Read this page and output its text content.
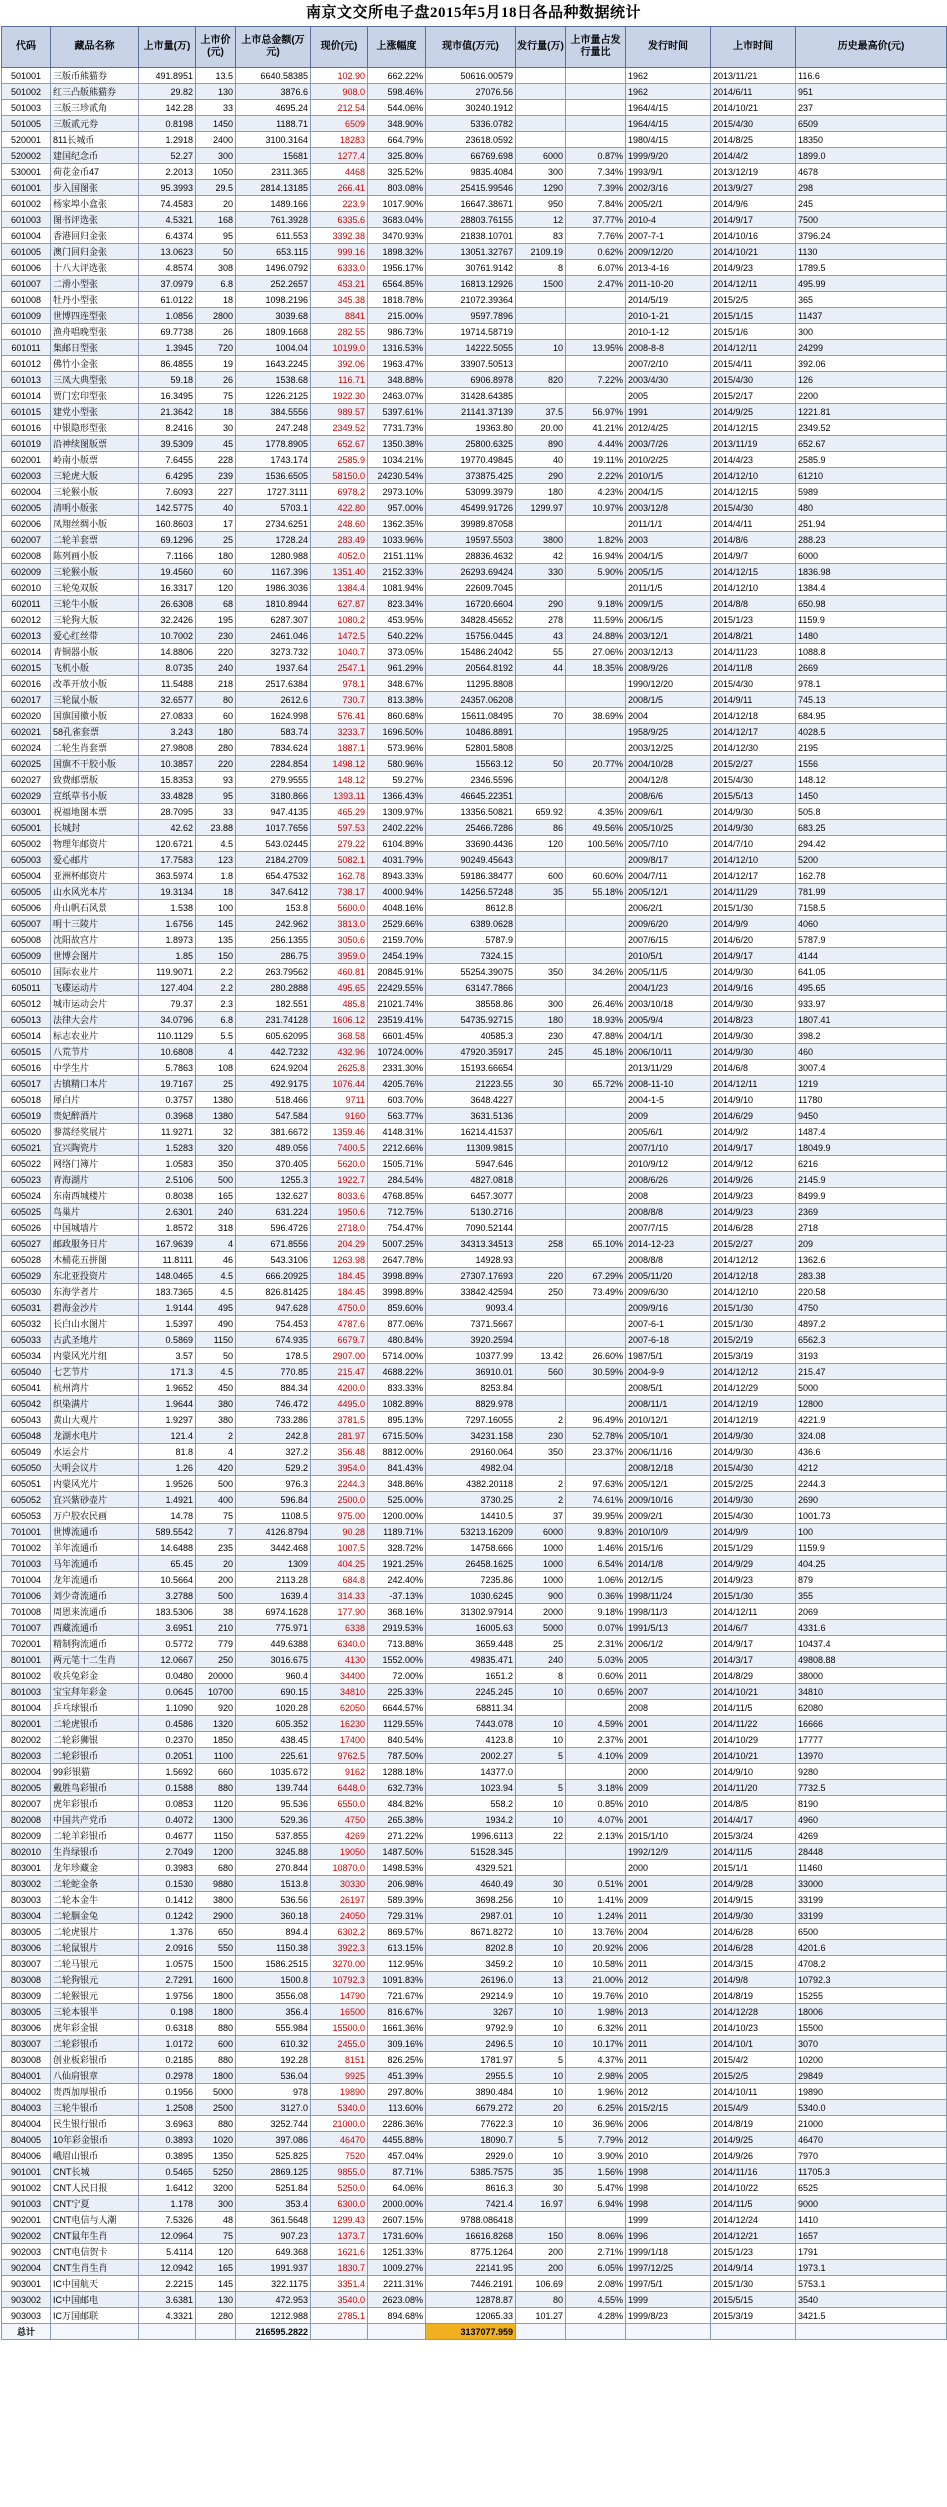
南京文交所电子盘2015年5月18日各品种数据统计
代码	藏品名称	上市量(万)	上市价(元)	上市总金额(万元)	现价(元)	上涨幅度	现市值(万元)	发行量(万)	上市量占发行量比	发行时间	上市时间	历史最高价(元)
501001	三版币熊猫券	491.8951	13.5	6640.58385	102.90	662.22%	50616.00579			1962	2013/11/21	116.6
501002	红三凸版熊猫券	29.82	130	3876.6	908.0	598.46%	27076.56			1962	2014/6/11	951
501003	三版三珍贰角	142.28	33	4695.24	212.54	544.06%	30240.1912			1964/4/15	2014/10/21	237
501005	三版贰元券	0.8198	1450	1188.71	6509	348.90%	5336.0782			1964/4/15	2015/4/30	6509
520001	811长城币	1.2918	2400	3100.3164	18283	664.79%	23618.0592			1980/4/15	2014/8/25	18350
520002	建国纪念币	52.27	300	15681	1277.4	325.80%	66769.698	6000	0.87%	1999/9/20	2014/4/2	1899.0
530001	荷花金币47	2.2013	1050	2311.365	4468	325.52%	9835.4084	300	7.34%	1993/9/1	2013/12/19	4678
601001	步入国图张	95.3993	29.5	2814.13185	266.41	803.08%	25415.99546	1290	7.39%	2002/3/16	2013/9/27	298
601002	杨家埠小盒张	74.4583	20	1489.166	223.9	1017.90%	16647.38671	950	7.84%	2005/2/1	2014/9/6	245
601003	图书评选张	4.5321	168	761.3928	6335.6	3683.04%	28803.76155	12	37.77%	2010-4	2014/9/17	7500
601004	香港回归金张	6.4374	95	611.553	3392.38	3470.93%	21838.10701	83	7.76%	2007-7-1	2014/10/16	3796.24
601005	澳门回归金张	13.0623	50	653.115	999.16	1898.32%	13051.32767	2109.19	0.62%	2009/12/20	2014/10/21	1130
601006	十八大评选张	4.8574	308	1496.0792	6333.0	1956.17%	30761.9142	8	6.07%	2013-4-16	2014/9/23	1789.5
601007	二滑小型张	37.0979	6.8	252.2657	453.21	6564.85%	16813.12926	1500	2.47%	2011-10-20	2014/12/11	495.99
601008	牡丹小型张	61.0122	18	1098.2196	345.38	1818.78%	21072.39364			2014/5/19	2015/2/5	365
601009	世博四连型张	1.0856	2800	3039.68	8841	215.00%	9597.7896			2010-1-21	2015/1/15	11437
601010	渔舟唱晚型张	69.7738	26	1809.1668	282.55	986.73%	19714.58719			2010-1-12	2015/1/6	300
601011	集邮日型张	1.3945	720	1004.04	10199.0	1316.53%	14222.5055	10	13.95%	2008-8-8	2014/12/11	24299
601012	佛竹小金张	86.4855	19	1643.2245	392.06	1963.47%	33907.50513			2007/2/10	2015/4/11	392.06
601013	三凤大典型张	59.18	26	1538.68	116.71	348.88%	6906.8978	820	7.22%	2003/4/30	2015/4/30	126
601014	贾门宏印型张	16.3495	75	1226.2125	1922.30	2463.07%	31428.64385			2005	2015/2/17	2200
601015	建党小型张	21.3642	18	384.5556	989.57	5397.61%	21141.37139	37.5	56.97%	1991	2014/9/25	1221.81
601016	中银隐形型张	8.2416	30	247.248	2349.52	7731.73%	19363.80	20.00	41.21%	2012/4/25	2014/12/15	2349.52
601019	沿神续图版票	39.5309	45	1778.8905	652.67	1350.38%	25800.6325	890	4.44%	2003/7/26	2013/11/19	652.67
602001	岭南小版票	7.6455	228	1743.174	2585.9	1034.21%	19770.49845	40	19.11%	2010/2/25	2014/4/23	2585.9
602003	三轮虎大版	6.4295	239	1536.6505	58150.0	24230.54%	373875.425	290	2.22%	2010/1/5	2014/12/10	61210
602004	三轮猴小版	7.6093	227	1727.3111	6978.2	2973.10%	53099.3979	180	4.23%	2004/1/5	2014/12/15	5989
602005	清明小版张	142.5775	40	5703.1	422.80	957.00%	45499.91726	1299.97	10.97%	2003/12/8	2015/4/30	480
602006	凤翔丝绸小版	160.8603	17	2734.6251	248.60	1362.35%	39989.87058			2011/1/1	2014/4/11	251.94
602007	二轮羊套票	69.1296	25	1728.24	283.49	1033.96%	19597.5503	3800	1.82%	2003	2014/8/6	288.23
602008	陈列画小版	7.1166	180	1280.988	4052.0	2151.11%	28836.4632	42	16.94%	2004/1/5	2014/9/7	6000
602009	三轮猴小版	19.4560	60	1167.396	1351.40	2152.33%	26293.69424	330	5.90%	2005/1/5	2014/12/15	1836.98
602010	三轮兔双版	16.3317	120	1986.3036	1384.4	1081.94%	22609.7045			2011/1/5	2014/12/10	1384.4
602011	三轮牛小版	26.6308	68	1810.8944	627.87	823.34%	16720.6604	290	9.18%	2009/1/5	2014/8/8	650.98
602012	三轮狗大版	32.2426	195	6287.307	1080.2	453.95%	34828.45652	278	11.59%	2006/1/5	2015/1/23	1159.9
602013	爱心红丝带	10.7002	230	2461.046	1472.5	540.22%	15756.0445	43	24.88%	2003/12/1	2014/8/21	1480
602014	青铜器小版	14.8806	220	3273.732	1040.7	373.05%	15486.24042	55	27.06%	2003/12/13	2014/11/23	1088.8
602015	飞机小版	8.0735	240	1937.64	2547.1	961.29%	20564.8192	44	18.35%	2008/9/26	2014/11/8	2669
602016	改革开放小版	11.5488	218	2517.6384	978.1	348.67%	11295.8808			1990/12/20	2015/4/30	978.1
602017	三轮鼠小版	32.6577	80	2612.6	730.7	813.38%	24357.06208			2008/1/5	2014/9/11	745.13
602020	国旗国徽小版	27.0833	60	1624.998	576.41	860.68%	15611.08495	70	38.69%	2004	2014/12/18	684.95
602021	58孔雀套票	3.243	180	583.74	3233.7	1696.50%	10486.8891			1958/9/25	2014/12/17	4028.5
602024	二轮生肖套票	27.9808	280	7834.624	1887.1	573.96%	52801.5808			2003/12/25	2014/12/30	2195
602025	国旗不干胶小版	10.3857	220	2284.854	1498.12	580.96%	15563.12	50	20.77%	2004/10/28	2015/2/27	1556
602027	致费邮票版	15.8353	93	279.9555	148.12	59.27%	2346.5596			2004/12/8	2015/4/30	148.12
602029	宣纸草书小版	33.4828	95	3180.866	1393.11	1366.43%	46645.22351			2008/6/6	2015/5/13	1450
603001	祝福地图本票	28.7095	33	947.4135	465.29	1309.97%	13356.50821	659.92	4.35%	2009/6/1	2014/9/30	505.8
605001	长城封	42.62	23.88	1017.7656	597.53	2402.22%	25466.7286	86	49.56%	2005/10/25	2014/9/30	683.25
605002	物理年邮资片	120.6721	4.5	543.02445	279.22	6104.89%	33690.4436	120	100.56%	2005/7/10	2014/7/10	294.42
605003	爱心邮片	17.7583	123	2184.2709	5082.1	4031.79%	90249.45643			2009/8/17	2014/12/10	5200
605004	亚洲杯邮资片	363.5974	1.8	654.47532	162.78	8943.33%	59186.38477	600	60.60%	2004/7/11	2014/12/17	162.78
605005	山水风光本片	19.3134	18	347.6412	738.17	4000.94%	14256.57248	35	55.18%	2005/12/1	2014/11/29	781.99
605006	舟山帆石风景	1.538	100	153.8	5600.0	4048.16%	8612.8			2006/2/1	2015/1/30	7158.5
605007	明十三陵片	1.6756	145	242.962	3813.0	2529.66%	6389.0628			2009/6/20	2014/9/9	4060
605008	沈阳故宫片	1.8973	135	256.1355	3050.6	2159.70%	5787.9			2007/6/15	2014/6/20	5787.9
605009	世博会图片	1.85	150	286.75	3959.0	2454.19%	7324.15			2010/5/1	2014/9/17	4144
605010	国际农业片	119.9071	2.2	263.79562	460.81	20845.91%	55254.39075	350	34.26%	2005/11/5	2014/9/30	641.05
605011	飞碟运动片	127.404	2.2	280.2888	495.65	22429.55%	63147.7866			2004/1/23	2014/9/16	495.65
605012	城市运动会片	79.37	2.3	182.551	485.8	21021.74%	38558.86	300	26.46%	2003/10/18	2014/9/30	933.97
605013	法律大会片	34.0796	6.8	231.74128	1606.12	23519.41%	54735.92715	180	18.93%	2005/9/4	2014/8/23	1807.41
605014	标志农业片	110.1129	5.5	605.62095	368.58	6601.45%	40585.3	230	47.88%	2004/1/1	2014/9/30	398.2
605015	八荒节片	10.6808	4	442.7232	432.96	10724.00%	47920.35917	245	45.18%	2006/10/11	2014/9/30	460
605016	中学生片	5.7863	108	624.9204	2625.8	2331.30%	15193.66654			2013/11/29	2014/6/8	3007.4
605017	古镇精口本片	19.7167	25	492.9175	1076.44	4205.76%	21223.55	30	65.72%	2008-11-10	2014/12/11	1219
605018	犀白片	0.3757	1380	518.466	9711	603.70%	3648.4227			2004-1-5	2014/9/10	11780
605019	贵妃醉酒片	0.3968	1380	547.584	9160	563.77%	3631.5136			2009	2014/6/29	9450
605020	蓼蒿经奖展片	11.9271	32	381.6672	1359.46	4148.31%	16214.41537			2005/6/1	2014/9/2	1487.4
605021	宜兴陶瓷片	1.5283	320	489.056	7400.5	2212.66%	11309.9815			2007/1/10	2014/9/17	18049.9
605022	网络门簿片	1.0583	350	370.405	5620.0	1505.71%	5947.646			2010/9/12	2014/9/12	6216
605023	青海湖片	2.5106	500	1255.3	1922.7	284.54%	4827.0818			2008/6/26	2014/9/26	2145.9
605024	东南西城楼片	0.8038	165	132.627	8033.6	4768.85%	6457.3077			2008	2014/9/23	8499.9
605025	鸟巢片	2.6301	240	631.224	1950.6	712.75%	5130.2716			2008/8/8	2014/9/23	2369
605026	中国城墙片	1.8572	318	596.4726	2718.0	754.47%	7090.52144			2007/7/15	2014/6/28	2718
605027	邮政服务日片	167.9639	4	671.8556	204.29	5007.25%	34313.34513	258	65.10%	2014-12-23	2015/2/27	209
605028	木桶花五拼图	11.8111	46	543.3106	1263.98	2647.78%	14928.93			2008/8/8	2014/12/12	1362.6
605029	东北亚投资片	148.0465	4.5	666.20925	184.45	3998.89%	27307.17693	220	67.29%	2005/11/20	2014/12/18	283.38
605030	东海学者片	183.7365	4.5	826.81425	184.45	3998.89%	33842.42594	250	73.49%	2009/6/30	2014/12/10	220.58
605031	碧海金沙片	1.9144	495	947.628	4750.0	859.60%	9093.4			2009/9/16	2015/1/30	4750
605032	长白山水图片	1.5397	490	754.453	4787.6	877.06%	7371.5667			2007-6-1	2015/1/30	4897.2
605033	古武圣地片	0.5869	1150	674.935	6679.7	480.84%	3920.2594			2007-6-18	2015/2/19	6562.3
605034	内蒙风光片组	3.57	50	178.5	2907.00	5714.00%	10377.99	13.42	26.60%	1987/5/1	2015/3/19	3193
605040	七艺节片	171.3	4.5	770.85	215.47	4688.22%	36910.01	560	30.59%	2004-9-9	2014/12/12	215.47
605041	杭州湾片	1.9652	450	884.34	4200.0	833.33%	8253.84			2008/5/1	2014/12/29	5000
605042	织染满片	1.9644	380	746.472	4495.0	1082.89%	8829.978			2008/11/1	2014/12/19	12800
605043	黄山大观片	1.9297	380	733.286	3781.5	895.13%	7297.16055	2	96.49%	2010/12/1	2014/12/19	4221.9
605048	龙湖水电片	121.4	2	242.8	281.97	6715.50%	34231.158	230	52.78%	2005/10/1	2014/9/30	324.08
605049	水运会片	81.8	4	327.2	356.48	8812.00%	29160.064	350	23.37%	2006/11/16	2014/9/30	436.6
605050	大明会议片	1.26	420	529.2	3954.0	841.43%	4982.04			2008/12/18	2015/4/30	4212
605051	内蒙风光片	1.9526	500	976.3	2244.3	348.86%	4382.20118	2	97.63%	2005/12/1	2015/2/25	2244.3
605052	宜兴紫砂壶片	1.4921	400	596.84	2500.0	525.00%	3730.25	2	74.61%	2009/10/16	2014/9/30	2690
605053	万户胶农民画	14.78	75	1108.5	975.00	1200.00%	14410.5	37	39.95%	2009/2/1	2015/4/30	1001.73
701001	世博流通币	589.5542	7	4126.8794	90.28	1189.71%	53213.16209	6000	9.83%	2010/10/9	2014/9/9	100
701002	羊年流通币	14.6488	235	3442.468	1007.5	328.72%	14758.666	1000	1.46%	2015/1/6	2015/1/29	1159.9
701003	马年流通币	65.45	20	1309	404.25	1921.25%	26458.1625	1000	6.54%	2014/1/8	2014/9/29	404.25
701004	龙年流通币	10.5664	200	2113.28	684.8	242.40%	7235.86	1000	1.06%	2012/1/5	2014/9/23	879
701006	刘少奇流通币	3.2788	500	1639.4	314.33	-37.13%	1030.6245	900	0.36%	1998/11/24	2015/1/30	355
701008	周恩来流通币	183.5306	38	6974.1628	177.90	368.16%	31302.97914	2000	9.18%	1998/11/3	2014/12/11	2069
701007	西藏流通币	3.6951	210	775.971	6338	2919.53%	16005.63	5000	0.07%	1991/5/13	2014/6/7	4331.6
702001	精制狗流通币	0.5772	779	449.6388	6340.0	713.88%	3659.448	25	2.31%	2006/1/2	2014/9/17	10437.4
801001	两元笔十二生肖	12.0667	250	3016.675	4130	1552.00%	49835.471	240	5.03%	2005	2014/3/17	49808.88
801002	收兵兔彩金	0.0480	20000	960.4	34400	72.00%	1651.2	8	0.60%	2011	2014/8/29	38000
801003	宝宝拜年彩金	0.0645	10700	690.15	34810	225.33%	2245.245	10	0.65%	2007	2014/10/21	34810
801004	乒乓球银币	1.1090	920	1020.28	62050	6644.57%	68811.34			2008	2014/11/5	62080
802001	二轮虎银币	0.4586	1320	605.352	16230	1129.55%	7443.078	10	4.59%	2001	2014/11/22	16666
802002	二轮彩狮银	0.2370	1850	438.45	17400	840.54%	4123.8	10	2.37%	2001	2014/10/29	17777
802003	二轮彩银币	0.2051	1100	225.61	9762.5	787.50%	2002.27	5	4.10%	2009	2014/10/21	13970
802004	99彩银猫	1.5692	660	1035.672	9162	1288.18%	14377.0			2000	2014/9/10	9280
802005	戴胜鸟彩银币	0.1588	880	139.744	6448.0	632.73%	1023.94	5	3.18%	2009	2014/11/20	7732.5
802007	虎年彩银币	0.0853	1120	95.536	6550.0	484.82%	558.2	10	0.85%	2010	2014/8/5	8190
802008	中国共产党币	0.4072	1300	529.36	4750	265.38%	1934.2	10	4.07%	2001	2014/4/17	4960
802009	二轮羊彩银币	0.4677	1150	537.855	4269	271.22%	1996.6113	22	2.13%	2015/1/10	2015/3/24	4269
802010	生肖绿银币	2.7049	1200	3245.88	19050	1487.50%	51528.345			1992/12/9	2014/11/5	28448
803001	龙年珍藏金	0.3983	680	270.844	10870.0	1498.53%	4329.521			2000	2015/1/1	11460
803002	二轮蛇金条	0.1530	9880	1513.8	30330	206.98%	4640.49	30	0.51%	2001	2014/9/28	33000
803003	二轮本金牛	0.1412	3800	536.56	26197	589.39%	3698.256	10	1.41%	2009	2014/9/15	33199
803004	二轮胭金兔	0.1242	2900	360.18	24050	729.31%	2987.01	10	1.24%	2011	2014/9/30	33199
803005	二轮虎银片	1.376	650	894.4	6302.2	869.57%	8671.8272	10	13.76%	2004	2014/6/28	6500
803006	二轮鼠银片	2.0916	550	1150.38	3922.3	613.15%	8202.8	10	20.92%	2006	2014/6/28	4201.6
803007	二轮马银元	1.0575	1500	1586.2515	3270.00	112.95%	3459.2	10	10.58%	2011	2014/3/15	4708.2
803008	二轮狗银元	2.7291	1600	1500.8	10792.3	1091.83%	26196.0	13	21.00%	2012	2014/9/8	10792.3
803009	二轮猴银元	1.9756	1800	3556.08	14790	721.67%	29214.9	10	19.76%	2010	2014/8/19	15255
803005	三轮本银半	0.198	1800	356.4	16500	816.67%	3267	10	1.98%	2013	2014/12/28	18006
803006	虎年彩金银	0.6318	880	555.984	15500.0	1661.36%	9792.9	10	6.32%	2011	2014/10/23	15500
803007	二轮彩银币	1.0172	600	610.32	2455.0	309.16%	2496.5	10	10.17%	2011	2014/10/1	3070
803008	创业板彩银币	0.2185	880	192.28	8151	826.25%	1781.97	5	4.37%	2011	2015/4/2	10200
804001	八仙肩银章	0.2978	1800	536.04	9925	451.39%	2955.5	10	2.98%	2005	2015/2/5	29849
804002	贵西加厚银币	0.1956	5000	978	19890	297.80%	3890.484	10	1.96%	2012	2014/10/11	19890
804003	三轮牛银币	1.2508	2500	3127.0	5340.0	113.60%	6679.272	20	6.25%	2015/2/15	2015/4/9	5340.0
804004	民生银行银币	3.6963	880	3252.744	21000.0	2286.36%	77622.3	10	36.96%	2006	2014/8/19	21000
804005	10年彩金银币	0.3893	1020	397.086	46470	4455.88%	18090.7	5	7.79%	2012	2014/9/25	46470
804006	峨眉山银币	0.3895	1350	525.825	7520	457.04%	2929.0	10	3.90%	2010	2014/9/26	7970
901001	CNT长城	0.5465	5250	2869.125	9855.0	87.71%	5385.7575	35	1.56%	1998	2014/11/16	11705.3
901002	CNT人民日报	1.6412	3200	5251.84	5250.0	64.06%	8616.3	30	5.47%	1998	2014/10/22	6525
901003	CNT宁夏	1.178	300	353.4	6300.0	2000.00%	7421.4	16.97	6.94%	1998	2014/11/5	9000
902001	CNT电信与人潮	7.5326	48	361.5648	1299.43	2607.15%	9788.086418			1999	2014/12/24	1410
902002	CNT鼠年生肖	12.0964	75	907.23	1373.7	1731.60%	16616.8268	150	8.06%	1996	2014/12/21	1657
902003	CNT电信贺卡	5.4114	120	649.368	1621.6	1251.33%	8775.1264	200	2.71%	1999/1/18	2015/1/23	1791
902004	CNT生肖生肖	12.0942	165	1991.937	1830.7	1009.27%	22141.95	200	6.05%	1997/12/25	2014/9/14	1973.1
903001	IC中国航天	2.2215	145	322.1175	3351.4	2211.31%	7446.2191	106.69	2.08%	1997/5/1	2015/1/30	5753.1
903002	IC中国邮电	3.6381	130	472.953	3540.0	2623.08%	12878.87	80	4.55%	1999	2015/5/15	3540
903003	IC万国邮联	4.3321	280	1212.988	2785.1	894.68%	12065.33	101.27	4.28%	1999/8/23	2015/3/19	3421.5
总计				216595.2822			3137077.959					
